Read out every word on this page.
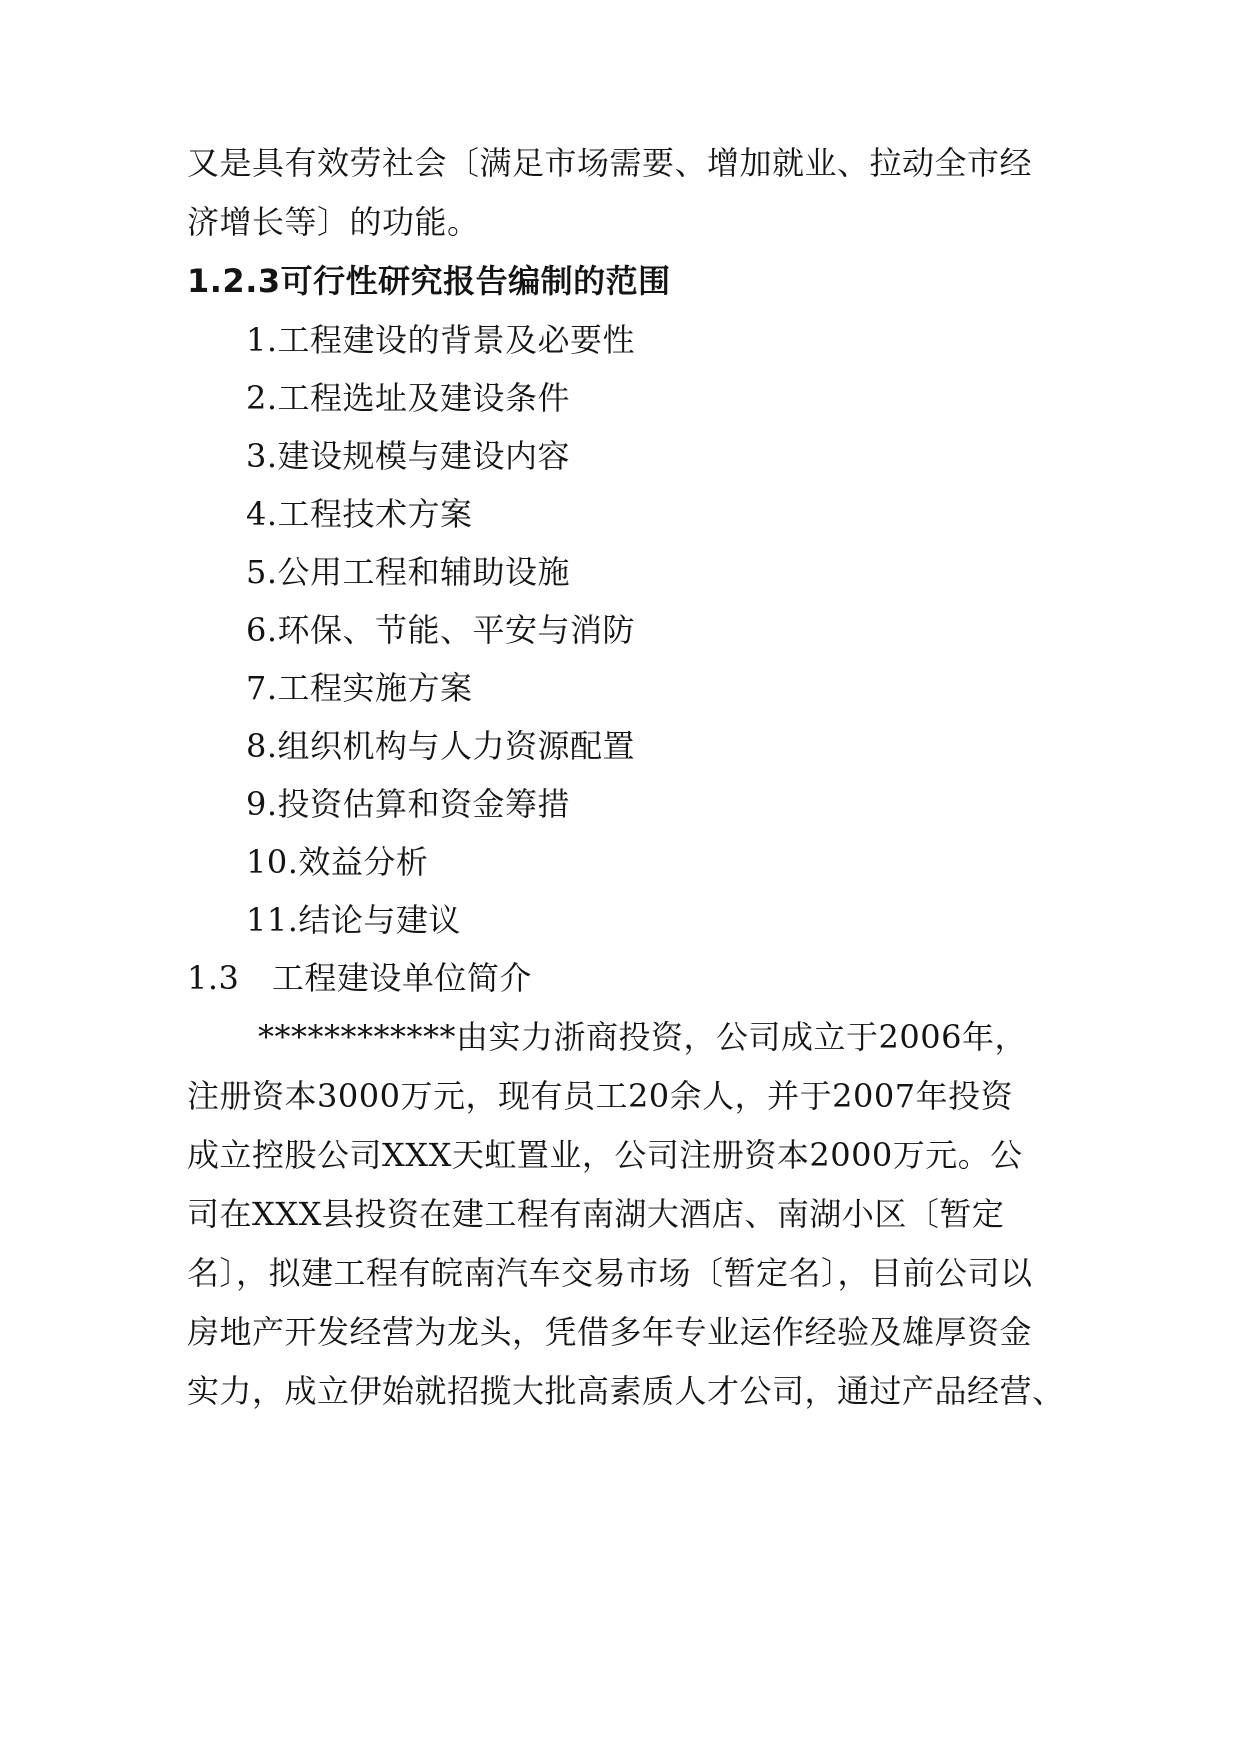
又是具有效劳社会〔满足市场需要、增加就业、拉动全市经
济增长等〕的功能。
1.2.3可行性研究报告编制的范围
1.工程建设的背景及必要性
2.工程选址及建设条件
3.建设规模与建设内容
4.工程技术方案
5.公用工程和辅助设施
6.环保、节能、平安与消防
7.工程实施方案
8.组织机构与人力资源配置
9.投资估算和资金筹措
10.效益分析
11.结论与建议
1.3　工程建设单位简介
************由实力浙商投资，公司成立于2006年，
注册资本3000万元，现有员工20余人，并于2007年投资
成立控股公司XXX天虹置业，公司注册资本2000万元。公
司在XXX县投资在建工程有南湖大酒店、南湖小区〔暂定
名〕，拟建工程有皖南汽车交易市场〔暂定名〕，目前公司以
房地产开发经营为龙头，凭借多年专业运作经验及雄厚资金
实力，成立伊始就招揽大批高素质人才公司，通过产品经营、
